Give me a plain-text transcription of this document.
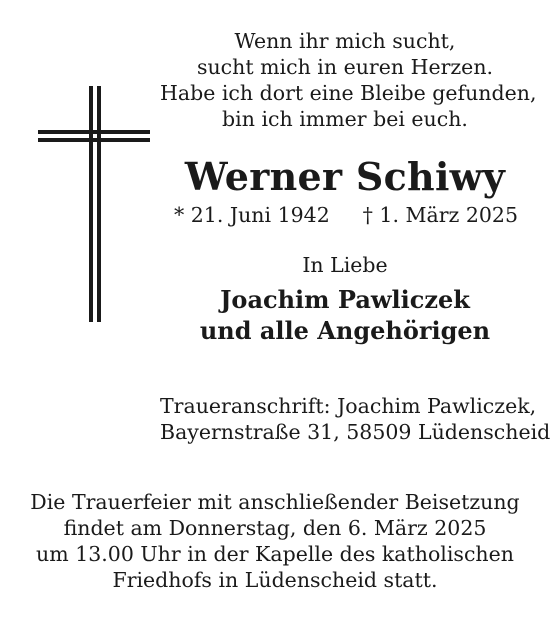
Wenn ihr mich sucht,
sucht mich in euren Herzen.
Habe ich dort eine Bleibe gefunden,
bin ich immer bei euch.
Werner Schiwy
* 21. Juni 1942 † 1. März 2025
In Liebe
Joachim Pawliczek
und alle Angehörigen
Traueranschrift: Joachim Pawliczek,
Bayernstraße 31, 58509 Lüdenscheid
Die Trauerfeier mit anschließender Beisetzung
findet am Donnerstag, den 6. März 2025
um 13.00 Uhr in der Kapelle des katholischen
Friedhofs in Lüdenscheid statt.
